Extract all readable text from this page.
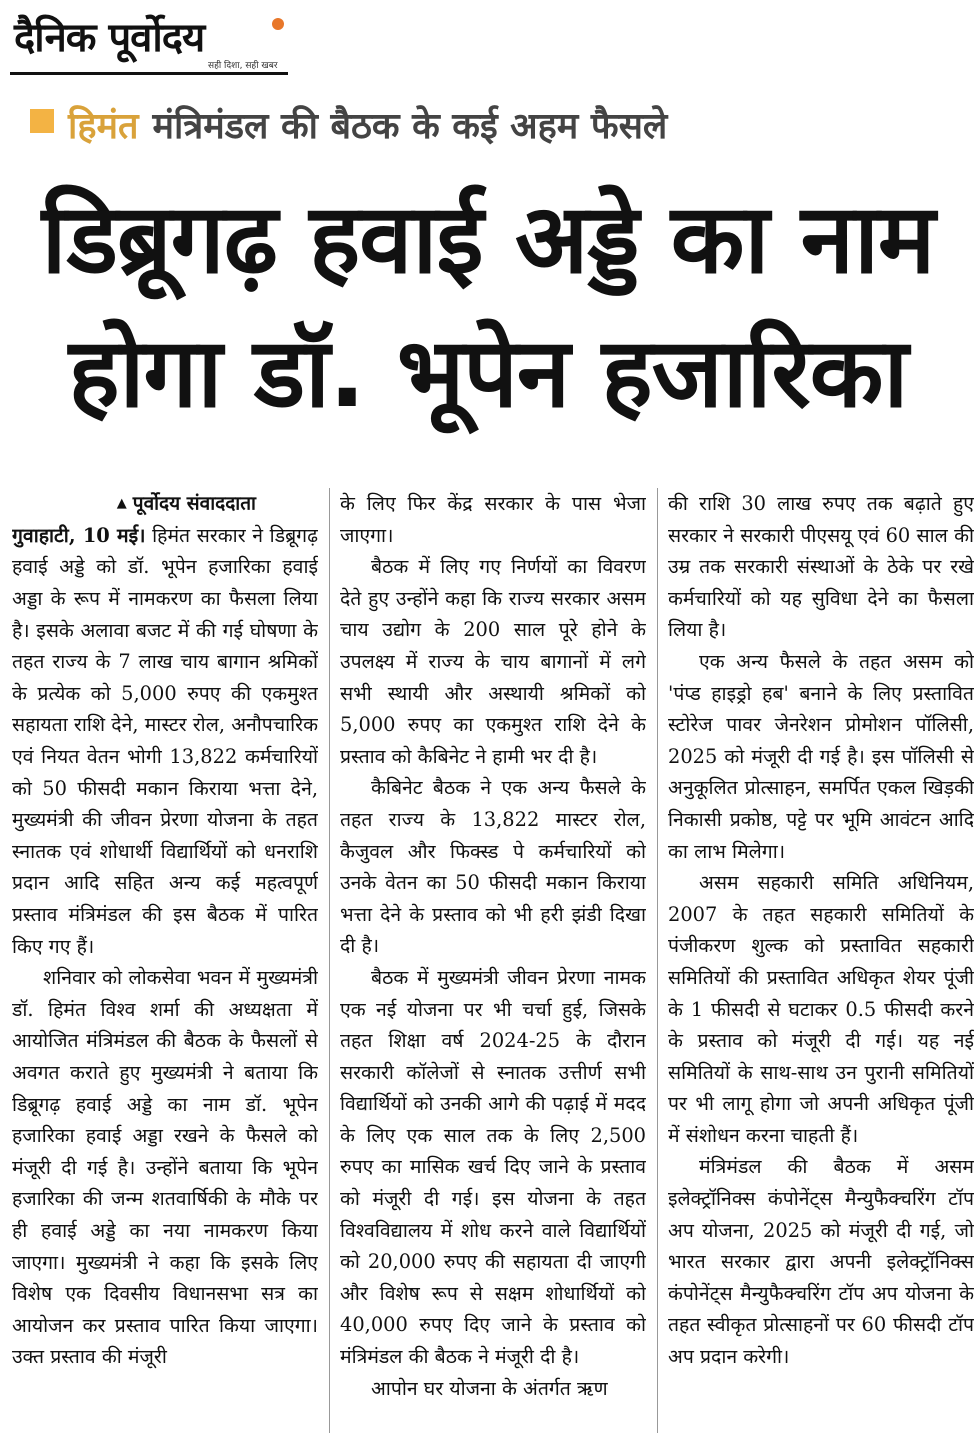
दैनिक पूर्वोदय
सही दिशा, सही खबर
हिमंत मंत्रिमंडल की बैठक के कई अहम फैसले
डिब्रूगढ़ हवाई अड्डे का नाम
होगा डॉ. भूपेन हजारिका

▲ पूर्वोदय संवाददाता

गुवाहाटी, 10 मई। हिमंत सरकार ने डिब्रूगढ़ हवाई अड्डे को डॉ. भूपेन हजारिका हवाई अड्डा के रूप में नामकरण का फैसला लिया है। इसके अलावा बजट में की गई घोषणा के तहत राज्य के 7 लाख चाय बागान श्रमिकों के प्रत्येक को 5,000 रुपए की एकमुश्त सहायता राशि देने, मास्टर रोल, अनौपचारिक एवं नियत वेतन भोगी 13,822 कर्मचारियों को 50 फीसदी मकान किराया भत्ता देने, मुख्यमंत्री की जीवन प्रेरणा योजना के तहत स्नातक एवं शोधार्थी विद्यार्थियों को धनराशि प्रदान आदि सहित अन्य कई महत्वपूर्ण प्रस्ताव मंत्रिमंडल की इस बैठक में पारित किए गए हैं।

शनिवार को लोकसेवा भवन में मुख्यमंत्री डॉ. हिमंत विश्व शर्मा की अध्यक्षता में आयोजित मंत्रिमंडल की बैठक के फैसलों से अवगत कराते हुए मुख्यमंत्री ने बताया कि डिब्रूगढ़ हवाई अड्डे का नाम डॉ. भूपेन हजारिका हवाई अड्डा रखने के फैसले को मंजूरी दी गई है। उन्होंने बताया कि भूपेन हजारिका की जन्म शतवार्षिकी के मौके पर ही हवाई अड्डे का नया नामकरण किया जाएगा। मुख्यमंत्री ने कहा कि इसके लिए विशेष एक दिवसीय विधानसभा सत्र का आयोजन कर प्रस्ताव पारित किया जाएगा। उक्त प्रस्ताव की मंजूरी

के लिए फिर केंद्र सरकार के पास भेजा जाएगा।

बैठक में लिए गए निर्णयों का विवरण देते हुए उन्होंने कहा कि राज्य सरकार असम चाय उद्योग के 200 साल पूरे होने के उपलक्ष्य में राज्य के चाय बागानों में लगे सभी स्थायी और अस्थायी श्रमिकों को 5,000 रुपए का एकमुश्त राशि देने के प्रस्ताव को कैबिनेट ने हामी भर दी है।

कैबिनेट बैठक ने एक अन्य फैसले के तहत राज्य के 13,822 मास्टर रोल, कैजुवल और फिक्स्ड पे कर्मचारियों को उनके वेतन का 50 फीसदी मकान किराया भत्ता देने के प्रस्ताव को भी हरी झंडी दिखा दी है।

बैठक में मुख्यमंत्री जीवन प्रेरणा नामक एक नई योजना पर भी चर्चा हुई, जिसके तहत शिक्षा वर्ष 2024-25 के दौरान सरकारी कॉलेजों से स्नातक उत्तीर्ण सभी विद्यार्थियों को उनकी आगे की पढ़ाई में मदद के लिए एक साल तक के लिए 2,500 रुपए का मासिक खर्च दिए जाने के प्रस्ताव को मंजूरी दी गई। इस योजना के तहत विश्वविद्यालय में शोध करने वाले विद्यार्थियों को 20,000 रुपए की सहायता दी जाएगी और विशेष रूप से सक्षम शोधार्थियों को 40,000 रुपए दिए जाने के प्रस्ताव को मंत्रिमंडल की बैठक ने मंजूरी दी है।

आपोन घर योजना के अंतर्गत ऋण

की राशि 30 लाख रुपए तक बढ़ाते हुए सरकार ने सरकारी पीएसयू एवं 60 साल की उम्र तक सरकारी संस्थाओं के ठेके पर रखे कर्मचारियों को यह सुविधा देने का फैसला लिया है।

एक अन्य फैसले के तहत असम को 'पंप्ड हाइड्रो हब' बनाने के लिए प्रस्तावित स्टोरेज पावर जेनरेशन प्रोमोशन पॉलिसी, 2025 को मंजूरी दी गई है। इस पॉलिसी से अनुकूलित प्रोत्साहन, समर्पित एकल खिड़की निकासी प्रकोष्ठ, पट्टे पर भूमि आवंटन आदि का लाभ मिलेगा।

असम सहकारी समिति अधिनियम, 2007 के तहत सहकारी समितियों के पंजीकरण शुल्क को प्रस्तावित सहकारी समितियों की प्रस्तावित अधिकृत शेयर पूंजी के 1 फीसदी से घटाकर 0.5 फीसदी करने के प्रस्ताव को मंजूरी दी गई। यह नई समितियों के साथ-साथ उन पुरानी समितियों पर भी लागू होगा जो अपनी अधिकृत पूंजी में संशोधन करना चाहती हैं।

मंत्रिमंडल की बैठक में असम इलेक्ट्रॉनिक्स कंपोनेंट्स मैन्युफैक्चरिंग टॉप अप योजना, 2025 को मंजूरी दी गई, जो भारत सरकार द्वारा अपनी इलेक्ट्रॉनिक्स कंपोनेंट्स मैन्युफैक्चरिंग टॉप अप योजना के तहत स्वीकृत प्रोत्साहनों पर 60 फीसदी टॉप अप प्रदान करेगी।
